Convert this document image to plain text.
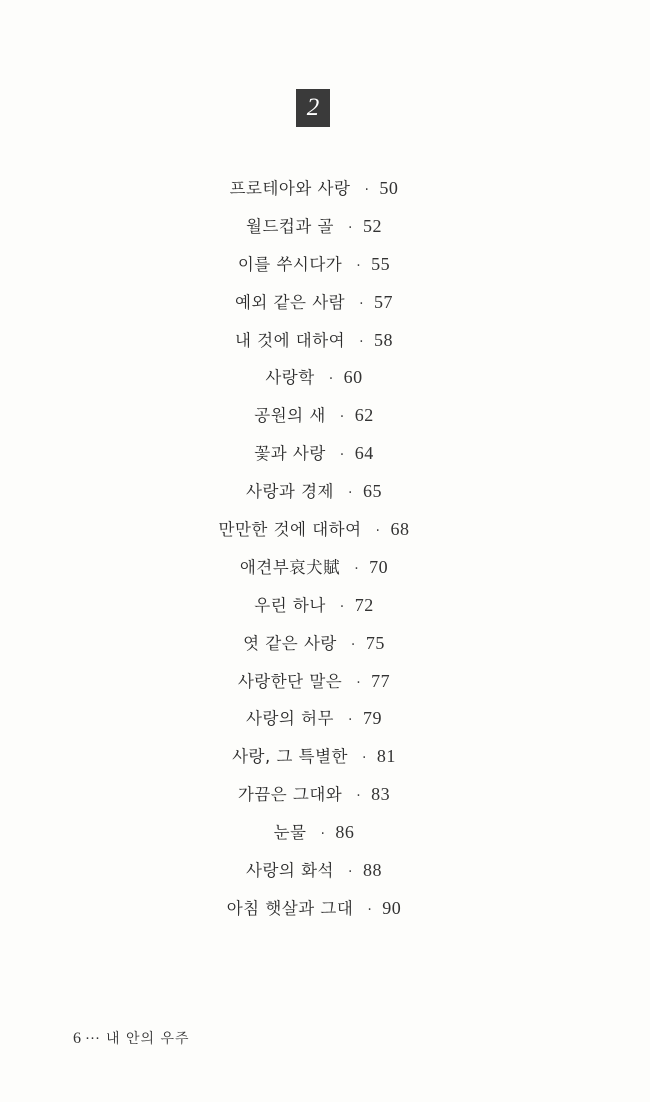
2
프로테아와 사랑 · 50
월드컵과 골 · 52
이를 쑤시다가 · 55
예외 같은 사람 · 57
내 것에 대하여 · 58
사랑학 · 60
공원의 새 · 62
꽃과 사랑 · 64
사랑과 경제 · 65
만만한 것에 대하여 · 68
애견부哀犬賦 · 70
우린 하나 · 72
엿 같은 사랑 · 75
사랑한단 말은 · 77
사랑의 허무 · 79
사랑, 그 특별한 · 81
가끔은 그대와 · 83
눈물 · 86
사랑의 화석 · 88
아침 햇살과 그대 · 90
6 ··· 내 안의 우주
